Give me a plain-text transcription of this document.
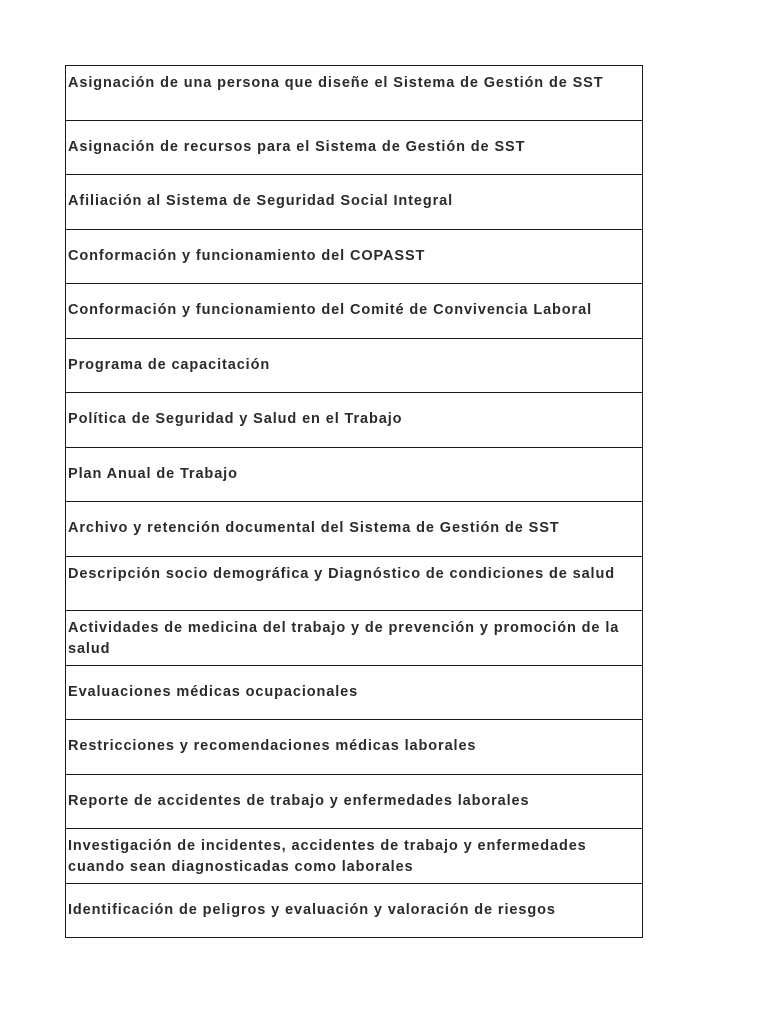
Asignación de una persona que diseñe el Sistema de Gestión de SST
Asignación de recursos para el Sistema de Gestión de SST
Afiliación al Sistema de Seguridad Social Integral
Conformación y funcionamiento del COPASST
Conformación y funcionamiento del Comité de Convivencia Laboral
Programa de capacitación
Política de Seguridad y Salud en el Trabajo
Plan Anual de Trabajo
Archivo y retención documental del Sistema de Gestión de SST
Descripción socio demográfica y Diagnóstico de condiciones de salud
Actividades de medicina del trabajo y de prevención y promoción de la salud
Evaluaciones médicas ocupacionales
Restricciones y recomendaciones médicas laborales
Reporte de accidentes de trabajo y enfermedades laborales
Investigación de incidentes, accidentes de trabajo y enfermedades cuando sean diagnosticadas como laborales
Identificación de peligros y evaluación y valoración de riesgos
